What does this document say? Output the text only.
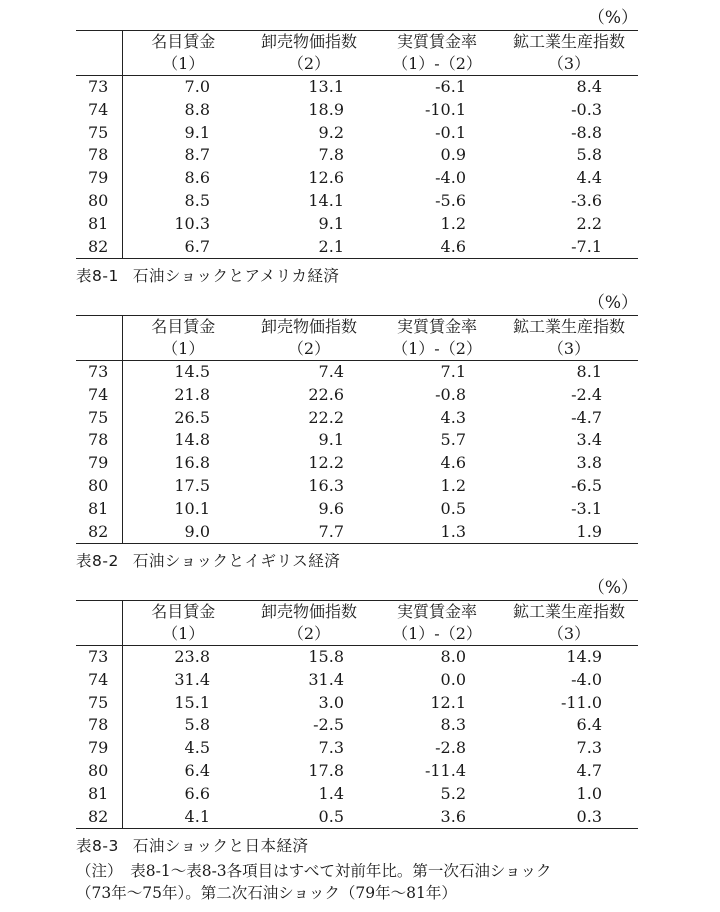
（%）
	名目賃金	卸売物価指数	実質賃金率	鉱工業生産指数
	（1）	（2）	（1）-（2）	（3）
73	7.0	13.1	-6.1	8.4
74	8.8	18.9	-10.1	-0.3
75	9.1	9.2	-0.1	-8.8
78	8.7	7.8	0.9	5.8
79	8.6	12.6	-4.0	4.4
80	8.5	14.1	-5.6	-3.6
81	10.3	9.1	1.2	2.2
82	6.7	2.1	4.6	-7.1
表8-1 石油ショックとアメリカ経済
（%）
	名目賃金	卸売物価指数	実質賃金率	鉱工業生産指数
	（1）	（2）	（1）-（2）	（3）
73	14.5	7.4	7.1	8.1
74	21.8	22.6	-0.8	-2.4
75	26.5	22.2	4.3	-4.7
78	14.8	9.1	5.7	3.4
79	16.8	12.2	4.6	3.8
80	17.5	16.3	1.2	-6.5
81	10.1	9.6	0.5	-3.1
82	9.0	7.7	1.3	1.9
表8-2 石油ショックとイギリス経済
（%）
	名目賃金	卸売物価指数	実質賃金率	鉱工業生産指数
	（1）	（2）	（1）-（2）	（3）
73	23.8	15.8	8.0	14.9
74	31.4	31.4	0.0	-4.0
75	15.1	3.0	12.1	-11.0
78	5.8	-2.5	8.3	6.4
79	4.5	7.3	-2.8	7.3
80	6.4	17.8	-11.4	4.7
81	6.6	1.4	5.2	1.0
82	4.1	0.5	3.6	0.3
表8-3 石油ショックと日本経済
（注）　表8-1～表8-3各項目はすべて対前年比。第一次石油ショック
（73年～75年）。第二次石油ショック（79年～81年）
